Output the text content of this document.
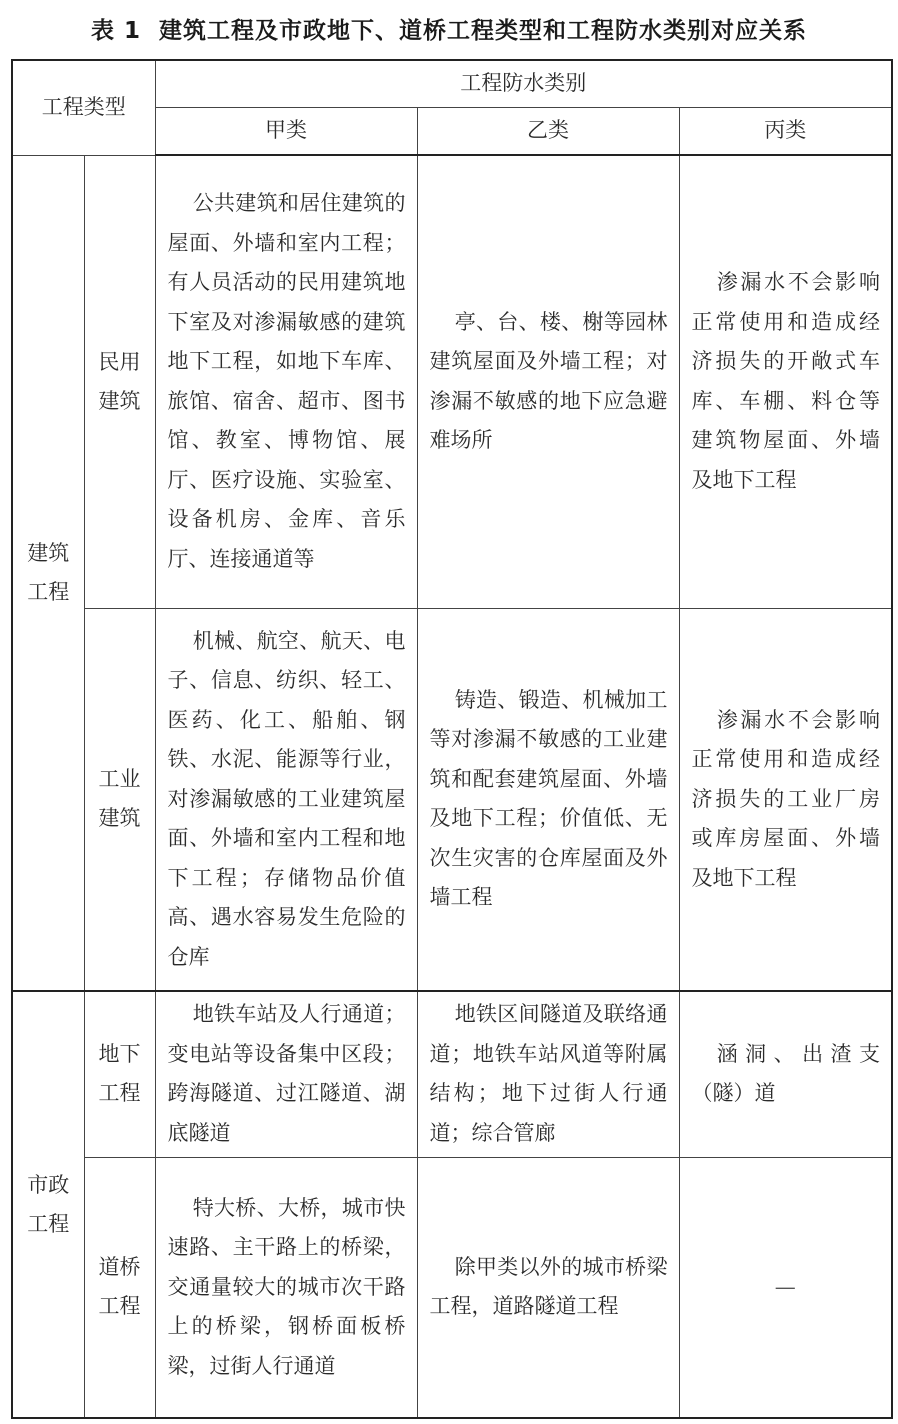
表 1 建筑工程及市政地下、道桥工程类型和工程防水类别对应关系
工程类型		工程防水类别		
		甲类	乙类	丙类

建筑工程	民用建筑	公共建筑和居住建筑的屋面、外墙和室内工程；有人员活动的民用建筑地下室及对渗漏敏感的建筑地下工程，如地下车库、旅馆、宿舍、超市、图书馆、教室、博物馆、展厅、医疗设施、实验室、设备机房、金库、音乐厅、连接通道等	亭、台、楼、榭等园林建筑屋面及外墙工程；对渗漏不敏感的地下应急避难场所	渗漏水不会影响正常使用和造成经济损失的开敞式车库、车棚、料仓等建筑物屋面、外墙及地下工程

	工业建筑	机械、航空、航天、电子、信息、纺织、轻工、医药、化工、船舶、钢铁、水泥、能源等行业，对渗漏敏感的工业建筑屋面、外墙和室内工程和地下工程；存储物品价值高、遇水容易发生危险的仓库	铸造、锻造、机械加工等对渗漏不敏感的工业建筑和配套建筑屋面、外墙及地下工程；价值低、无次生灾害的仓库屋面及外墙工程	渗漏水不会影响正常使用和造成经济损失的工业厂房或库房屋面、外墙及地下工程

市政工程	地下工程	地铁车站及人行通道；变电站等设备集中区段；跨海隧道、过江隧道、湖底隧道	地铁区间隧道及联络通道；地铁车站风道等附属结构；地下过街人行通道；综合管廊	涵洞、出渣支（隧）道

	道桥工程	特大桥、大桥，城市快速路、主干路上的桥梁，交通量较大的城市次干路上的桥梁，钢桥面板桥梁，过街人行通道	除甲类以外的城市桥梁工程，道路隧道工程	—
